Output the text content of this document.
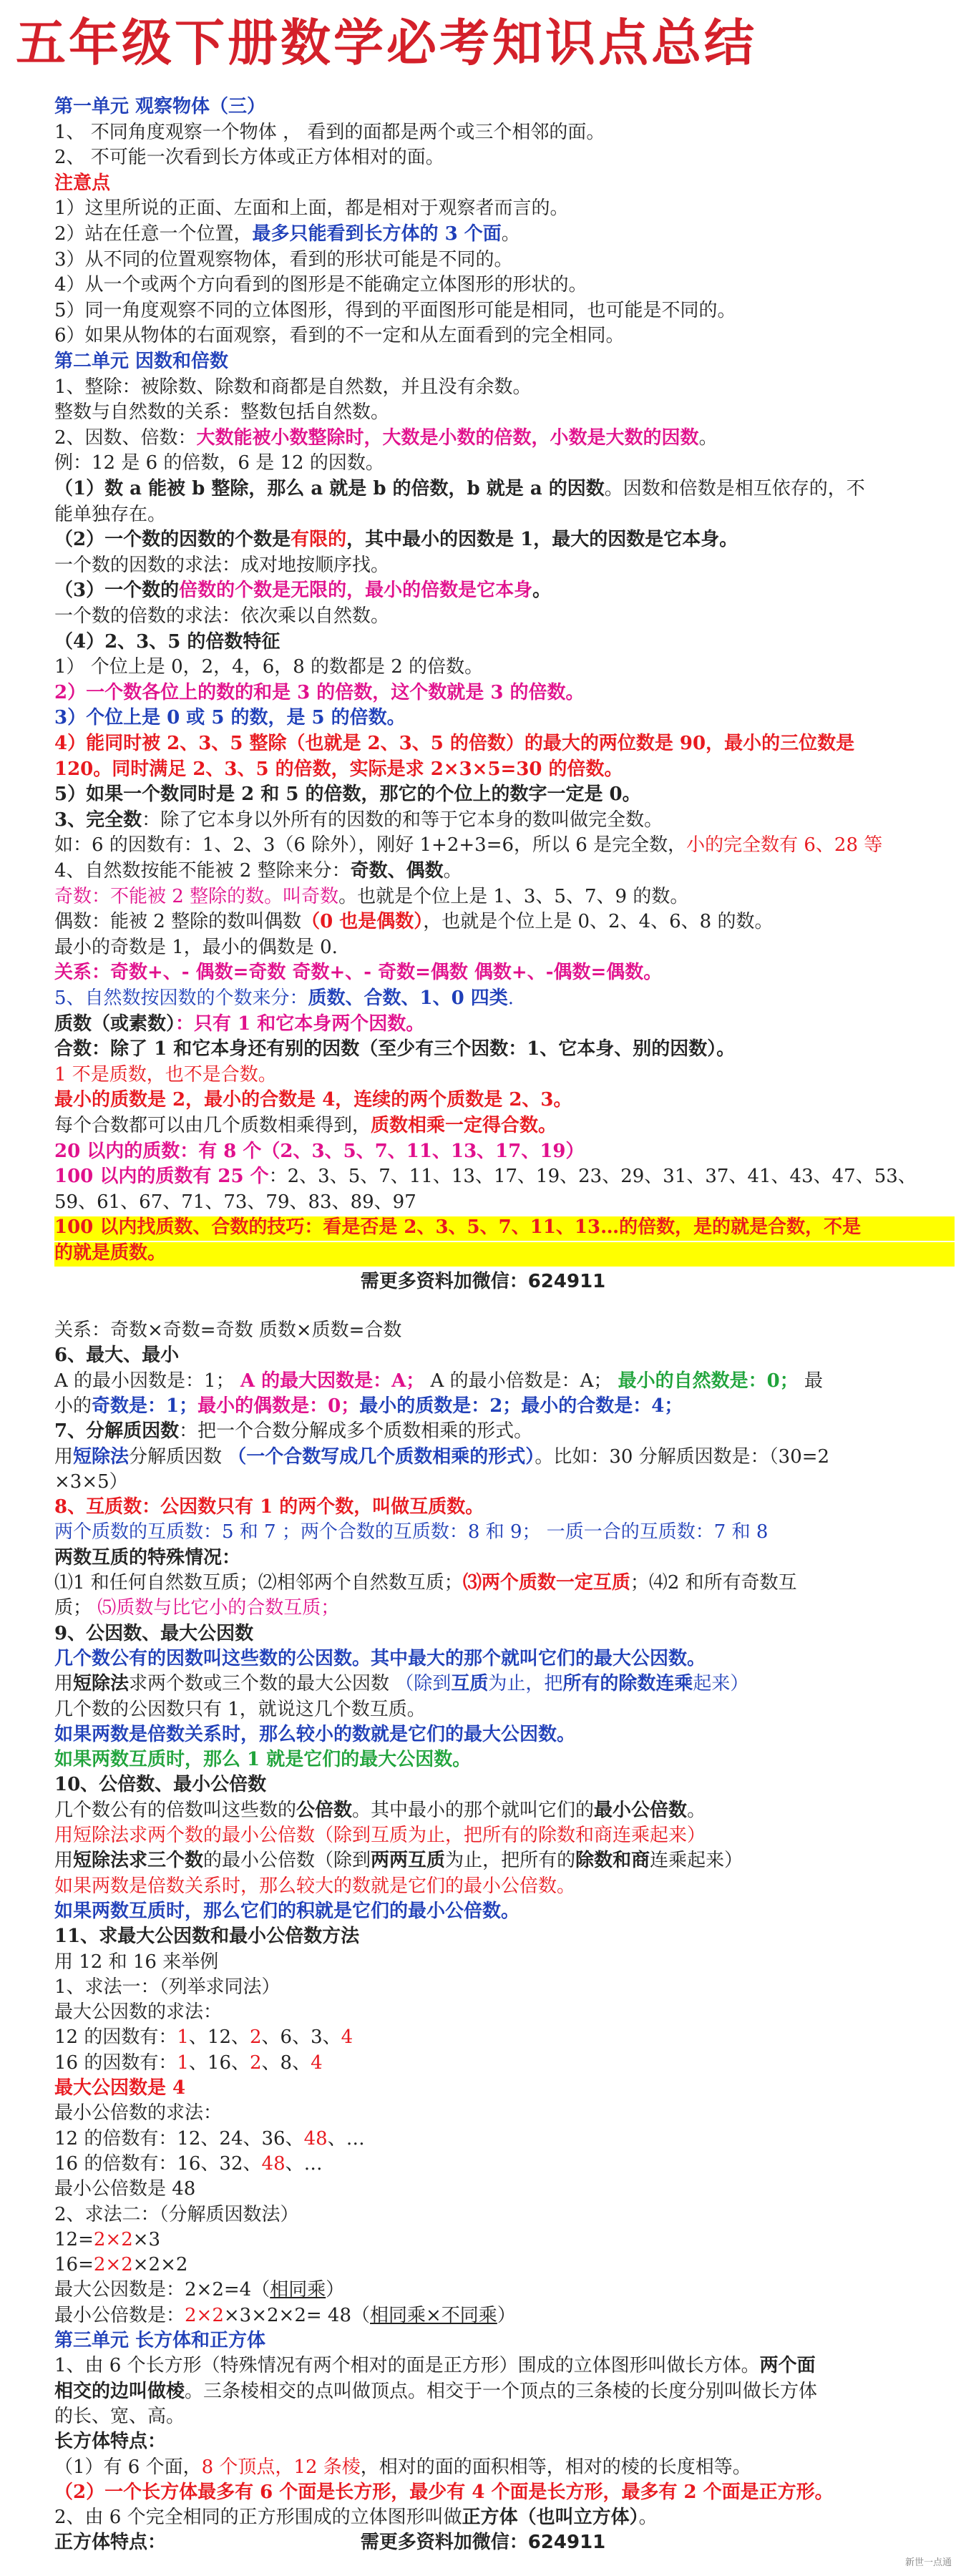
五年级下册数学必考知识点总结
第一单元 观察物体（三）
1、 不同角度观察一个物体 ， 看到的面都是两个或三个相邻的面。
2、 不可能一次看到长方体或正方体相对的面。
注意点
1）这里所说的正面、左面和上面，都是相对于观察者而言的。
2）站在任意一个位置，最多只能看到长方体的 3 个面。
3）从不同的位置观察物体，看到的形状可能是不同的。
4）从一个或两个方向看到的图形是不能确定立体图形的形状的。
5）同一角度观察不同的立体图形，得到的平面图形可能是相同，也可能是不同的。
6）如果从物体的右面观察，看到的不一定和从左面看到的完全相同。
第二单元 因数和倍数
1、整除：被除数、除数和商都是自然数，并且没有余数。
整数与自然数的关系：整数包括自然数。
2、因数、倍数：大数能被小数整除时，大数是小数的倍数，小数是大数的因数。
例：12 是 6 的倍数，6 是 12 的因数。
（1）数 a 能被 b 整除，那么 a 就是 b 的倍数，b 就是 a 的因数。因数和倍数是相互依存的，不
能单独存在。
（2）一个数的因数的个数是有限的，其中最小的因数是 1，最大的因数是它本身。
一个数的因数的求法：成对地按顺序找。
（3）一个数的倍数的个数是无限的，最小的倍数是它本身。
一个数的倍数的求法：依次乘以自然数。
（4）2、3、5 的倍数特征
1） 个位上是 0，2，4，6，8 的数都是 2 的倍数。
2）一个数各位上的数的和是 3 的倍数，这个数就是 3 的倍数。
3）个位上是 0 或 5 的数，是 5 的倍数。
4）能同时被 2、3、5 整除（也就是 2、3、5 的倍数）的最大的两位数是 90，最小的三位数是
120。同时满足 2、3、5 的倍数，实际是求 2×3×5=30 的倍数。
5）如果一个数同时是 2 和 5 的倍数，那它的个位上的数字一定是 0。
3、完全数：除了它本身以外所有的因数的和等于它本身的数叫做完全数。
如：6 的因数有：1、2、3（6 除外），刚好 1+2+3=6，所以 6 是完全数，小的完全数有 6、28 等
4、自然数按能不能被 2 整除来分：奇数、偶数。
奇数：不能被 2 整除的数。叫奇数。也就是个位上是 1、3、5、7、9 的数。
偶数：能被 2 整除的数叫偶数（0 也是偶数），也就是个位上是 0、2、4、6、8 的数。
最小的奇数是 1，最小的偶数是 0.
关系：奇数+、- 偶数=奇数 奇数+、- 奇数=偶数 偶数+、-偶数=偶数。
5、自然数按因数的个数来分：质数、合数、1、0 四类.
质数（或素数）：只有 1 和它本身两个因数。
合数：除了 1 和它本身还有别的因数（至少有三个因数：1、它本身、别的因数）。
1 不是质数，也不是合数。
最小的质数是 2，最小的合数是 4，连续的两个质数是 2、3。
每个合数都可以由几个质数相乘得到，质数相乘一定得合数。
20 以内的质数：有 8 个（2、3、5、7、11、13、17、19）
100 以内的质数有 25 个：2、3、5、7、11、13、17、19、23、29、31、37、41、43、47、53、
59、61、67、71、73、79、83、89、97
100 以内找质数、合数的技巧：看是否是 2、3、5、7、11、13…的倍数，是的就是合数，不是
的就是质数。
需更多资料加微信：624911
关系：奇数×奇数=奇数 质数×质数=合数
6、最大、最小
A 的最小因数是：1； A 的最大因数是：A； A 的最小倍数是：A； 最小的自然数是：0； 最
小的奇数是：1；最小的偶数是：0；最小的质数是：2；最小的合数是：4；
7、分解质因数：把一个合数分解成多个质数相乘的形式。
用短除法分解质因数 （一个合数写成几个质数相乘的形式）。比如：30 分解质因数是：（30=2
×3×5）
8、互质数：公因数只有 1 的两个数，叫做互质数。
两个质数的互质数：5 和 7 ；两个合数的互质数：8 和 9； 一质一合的互质数：7 和 8
两数互质的特殊情况：
⑴1 和任何自然数互质；⑵相邻两个自然数互质；⑶两个质数一定互质；⑷2 和所有奇数互
质； ⑸质数与比它小的合数互质；
9、公因数、最大公因数
几个数公有的因数叫这些数的公因数。其中最大的那个就叫它们的最大公因数。
用短除法求两个数或三个数的最大公因数 （除到互质为止，把所有的除数连乘起来）
几个数的公因数只有 1，就说这几个数互质。
如果两数是倍数关系时，那么较小的数就是它们的最大公因数。
如果两数互质时，那么 1 就是它们的最大公因数。
10、公倍数、最小公倍数
几个数公有的倍数叫这些数的公倍数。其中最小的那个就叫它们的最小公倍数。
用短除法求两个数的最小公倍数（除到互质为止，把所有的除数和商连乘起来）
用短除法求三个数的最小公倍数（除到两两互质为止，把所有的除数和商连乘起来）
如果两数是倍数关系时，那么较大的数就是它们的最小公倍数。
如果两数互质时，那么它们的积就是它们的最小公倍数。
11、求最大公因数和最小公倍数方法
用 12 和 16 来举例
1、求法一：（列举求同法）
最大公因数的求法：
12 的因数有：1、12、2、6、3、4
16 的因数有：1、16、2、8、4
最大公因数是 4
最小公倍数的求法：
12 的倍数有：12、24、36、48、…
16 的倍数有：16、32、48、…
最小公倍数是 48
2、求法二：（分解质因数法）
12=2×2×3
16=2×2×2×2
最大公因数是：2×2=4（相同乘）
最小公倍数是：2×2×3×2×2= 48（相同乘×不同乘）
第三单元 长方体和正方体
1、由 6 个长方形（特殊情况有两个相对的面是正方形）围成的立体图形叫做长方体。两个面
相交的边叫做棱。三条棱相交的点叫做顶点。相交于一个顶点的三条棱的长度分别叫做长方体
的长、宽、高。
长方体特点：
（1）有 6 个面，8 个顶点，12 条棱，相对的面的面积相等，相对的棱的长度相等。
（2）一个长方体最多有 6 个面是长方形，最少有 4 个面是长方形，最多有 2 个面是正方形。
2、由 6 个完全相同的正方形围成的立体图形叫做正方体（也叫立方体）。
正方体特点：	需更多资料加微信：624911
新世一点通
